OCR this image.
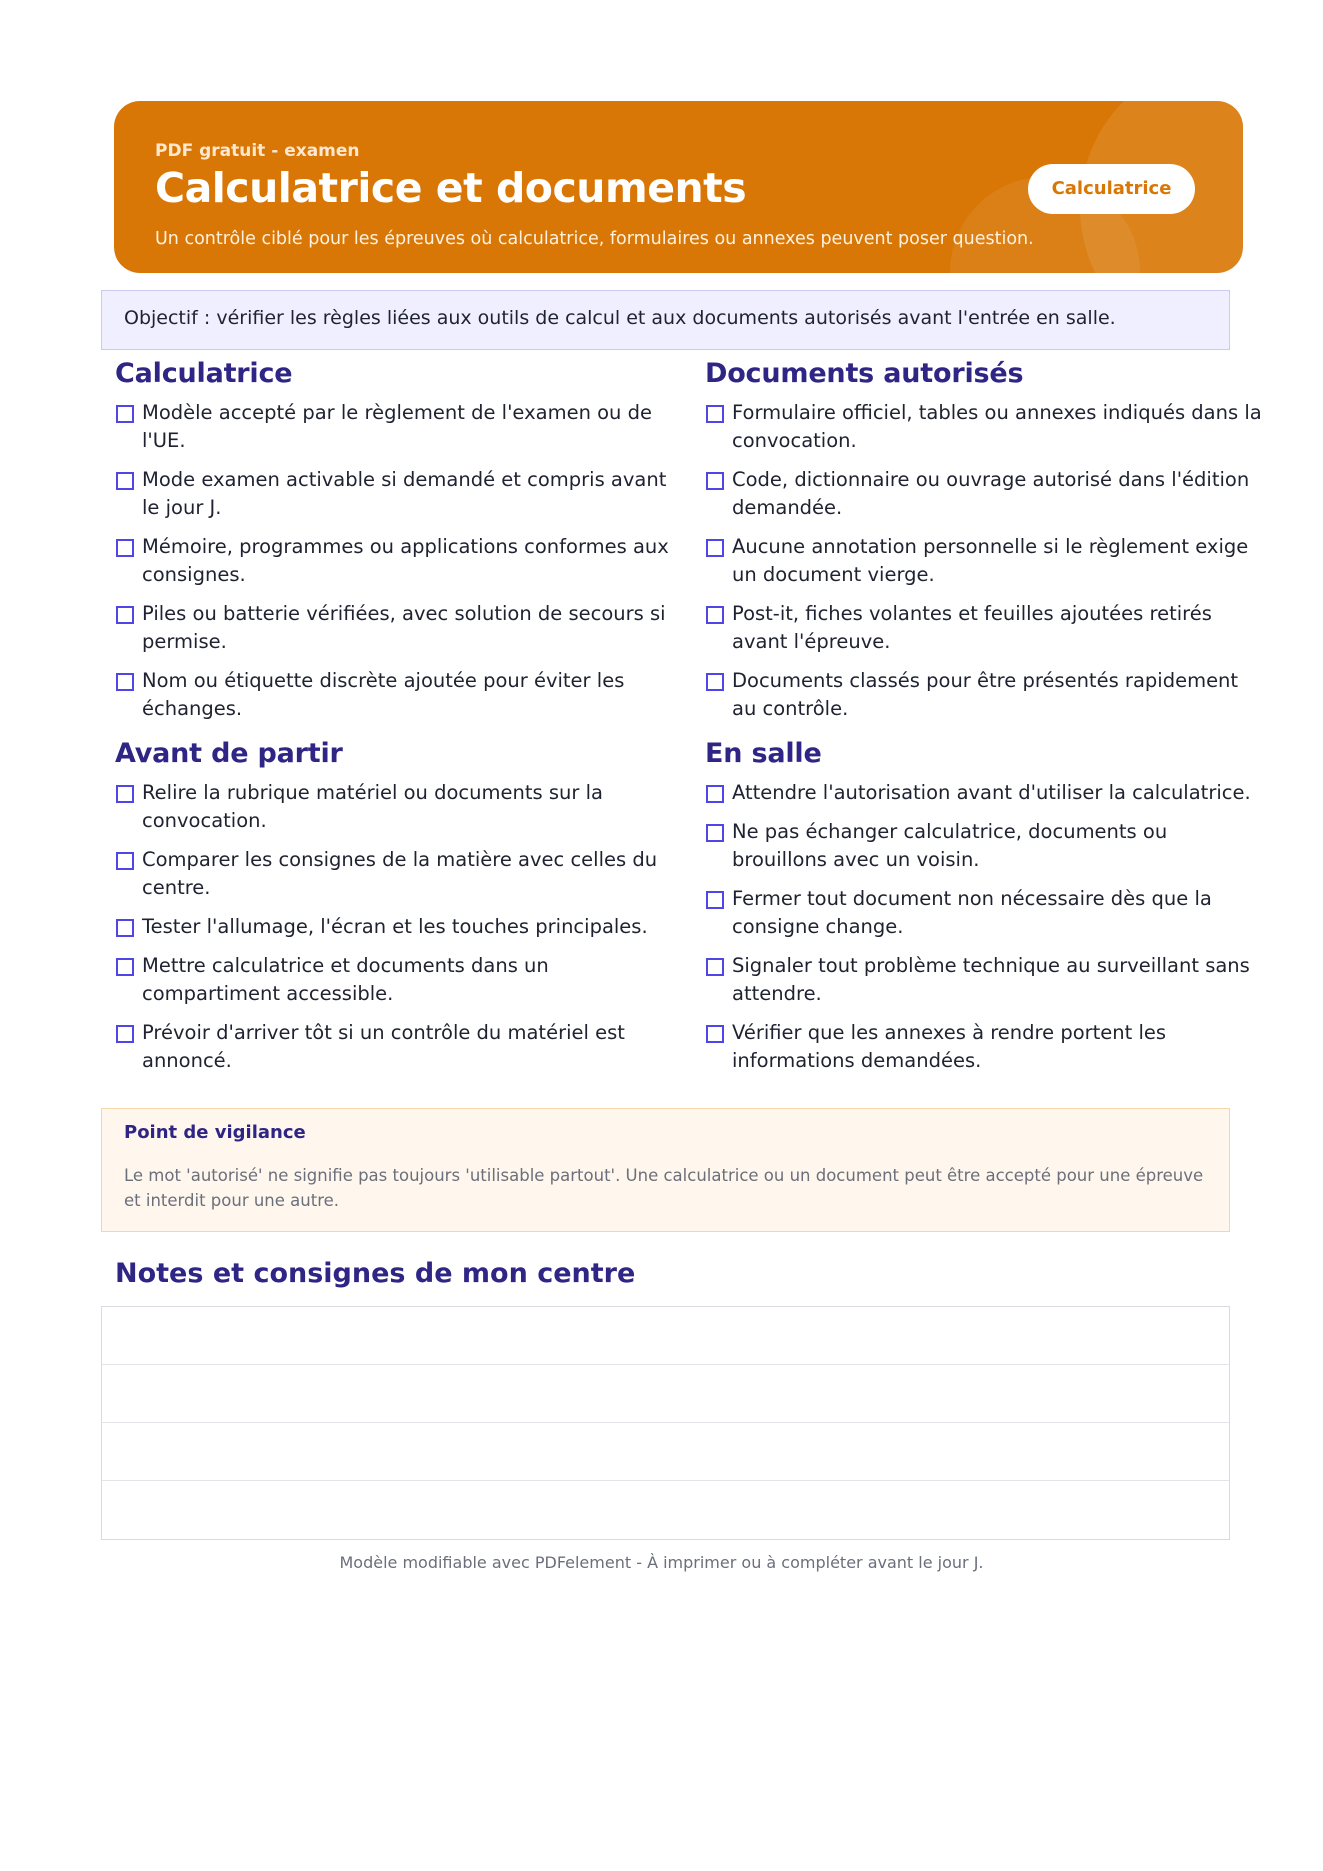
PDF gratuit - examen
Calculatrice et documents
Un contrôle ciblé pour les épreuves où calculatrice, formulaires ou annexes peuvent poser question.
Calculatrice
Objectif : vérifier les règles liées aux outils de calcul et aux documents autorisés avant l'entrée en salle.
Calculatrice
Modèle accepté par le règlement de l'examen ou de l'UE.
Mode examen activable si demandé et compris avant le jour J.
Mémoire, programmes ou applications conformes aux consignes.
Piles ou batterie vérifiées, avec solution de secours si permise.
Nom ou étiquette discrète ajoutée pour éviter les échanges.
Documents autorisés
Formulaire officiel, tables ou annexes indiqués dans la convocation.
Code, dictionnaire ou ouvrage autorisé dans l'édition demandée.
Aucune annotation personnelle si le règlement exige un document vierge.
Post-it, fiches volantes et feuilles ajoutées retirés avant l'épreuve.
Documents classés pour être présentés rapidement au contrôle.
Avant de partir
Relire la rubrique matériel ou documents sur la convocation.
Comparer les consignes de la matière avec celles du centre.
Tester l'allumage, l'écran et les touches principales.
Mettre calculatrice et documents dans un compartiment accessible.
Prévoir d'arriver tôt si un contrôle du matériel est annoncé.
En salle
Attendre l'autorisation avant d'utiliser la calculatrice.
Ne pas échanger calculatrice, documents ou brouillons avec un voisin.
Fermer tout document non nécessaire dès que la consigne change.
Signaler tout problème technique au surveillant sans attendre.
Vérifier que les annexes à rendre portent les informations demandées.
Point de vigilance
Le mot 'autorisé' ne signifie pas toujours 'utilisable partout'. Une calculatrice ou un document peut être accepté pour une épreuve et interdit pour une autre.
Notes et consignes de mon centre
Modèle modifiable avec PDFelement - À imprimer ou à compléter avant le jour J.
